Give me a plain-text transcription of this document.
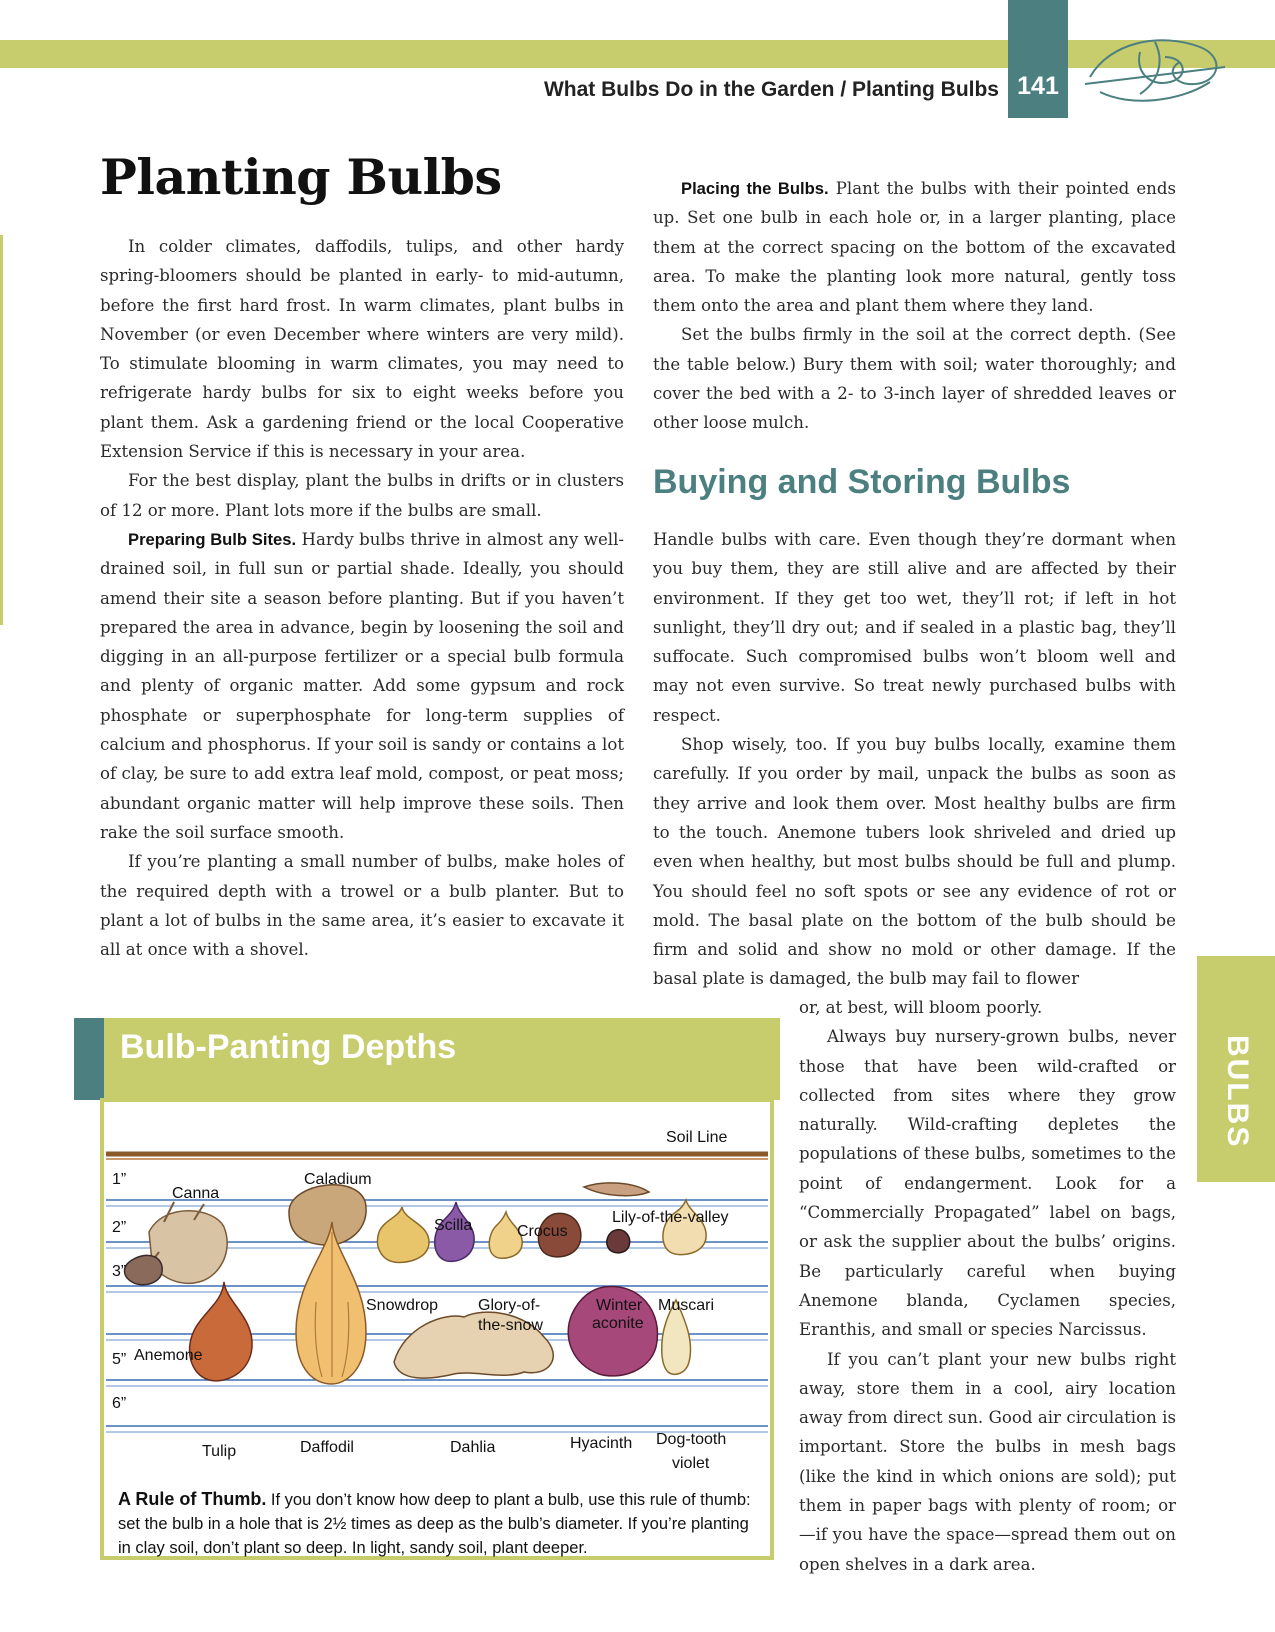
141
What Bulbs Do in the Garden / Planting Bulbs
BULBS
Planting Bulbs

In colder climates, daffodils, tulips, and other hardy spring-bloomers should be planted in early- to mid-autumn, before the first hard frost. In warm climates, plant bulbs in November (or even December where winters are very mild). To stimulate blooming in warm climates, you may need to refrigerate hardy bulbs for six to eight weeks before you plant them. Ask a gardening friend or the local Cooperative Extension Service if this is necessary in your area.

For the best display, plant the bulbs in drifts or in clusters of 12 or more. Plant lots more if the bulbs are small.

Preparing Bulb Sites. Hardy bulbs thrive in almost any well-drained soil, in full sun or partial shade. Ideally, you should amend their site a season before planting. But if you haven’t prepared the area in advance, begin by loosening the soil and digging in an all-purpose fertilizer or a special bulb formula and plenty of organic matter. Add some gypsum and rock phosphate or superphosphate for long-term supplies of calcium and phosphorus. If your soil is sandy or contains a lot of clay, be sure to add extra leaf mold, compost, or peat moss; abundant organic matter will help improve these soils. Then rake the soil surface smooth.

If you’re planting a small number of bulbs, make holes of the required depth with a trowel or a bulb planter. But to plant a lot of bulbs in the same area, it’s easier to excavate it all at once with a shovel.

Placing the Bulbs. Plant the bulbs with their pointed ends up. Set one bulb in each hole or, in a larger planting, place them at the correct spacing on the bottom of the excavated area. To make the planting look more natural, gently toss them onto the area and plant them where they land.

Set the bulbs firmly in the soil at the correct depth. (See the table below.) Bury them with soil; water thoroughly; and cover the bed with a 2- to 3-inch layer of shredded leaves or other loose mulch.

Buying and Storing Bulbs

Handle bulbs with care. Even though they’re dormant when you buy them, they are still alive and are affected by their environment. If they get too wet, they’ll rot; if left in hot sunlight, they’ll dry out; and if sealed in a plastic bag, they’ll suffocate. Such compromised bulbs won’t bloom well and may not even survive. So treat newly purchased bulbs with respect.

Shop wisely, too. If you buy bulbs locally, examine them carefully. If you order by mail, unpack the bulbs as soon as they arrive and look them over. Most healthy bulbs are firm to the touch. Anemone tubers look shriveled and dried up even when healthy, but most bulbs should be full and plump. You should feel no soft spots or see any evidence of rot or mold. The basal plate on the bottom of the bulb should be firm and solid and show no mold or other damage. If the basal plate is damaged, the bulb may fail to flower

or, at best, will bloom poorly.

Always buy nursery-grown bulbs, never those that have been wild-crafted or collected from sites where they grow naturally. Wild-crafting depletes the populations of these bulbs, sometimes to the point of endangerment. Look for a “Commercially Propagated” label on bags, or ask the supplier about the bulbs’ origins. Be particularly careful when buying Anemone blanda, Cyclamen species, Eranthis, and small or species Narcissus.

If you can’t plant your new bulbs right away, store them in a cool, airy location away from direct sun. Good air circulation is important. Store the bulbs in mesh bags (like the kind in which onions are sold); put them in paper bags with plenty of room; or—if you have the space—spread them out on open shelves in a dark area.

Bulb-Panting Depths
1”
2”
3”
5”
6”
Soil Line
Canna
Caladium
Scilla	Crocus
Lily-of-the-valley
Snowdrop Glory-of-
the-snow
Winter
aconite
Muscari
Anemone
Tulip	Daffodil	Dahlia	Hyacinth Dog-tooth
violet
A Rule of Thumb. If you don’t know how deep to plant a bulb, use this rule of thumb: set the bulb in a hole that is 2½ times as deep as the bulb’s diameter. If you’re planting in clay soil, don’t plant so deep. In light, sandy soil, plant deeper.
